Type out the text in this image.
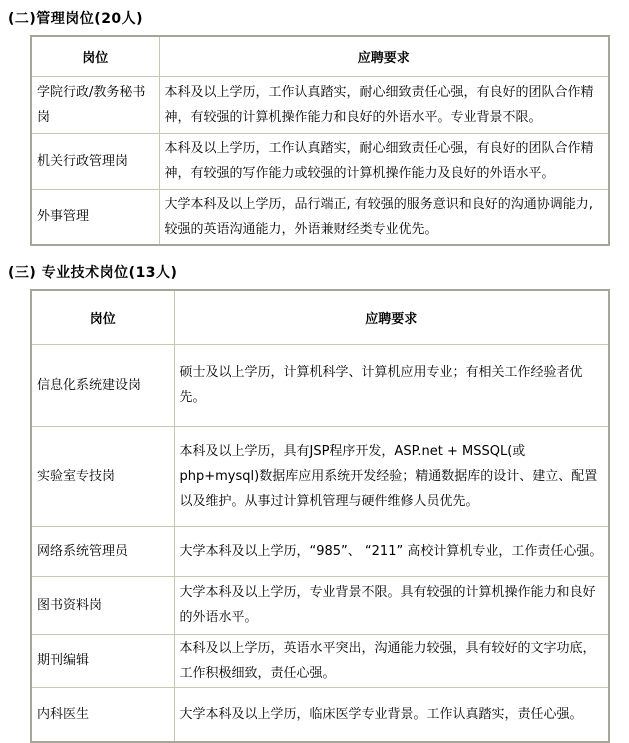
(二)管理岗位(20人)
岗位	应聘要求
学院行政/教务秘书岗	本科及以上学历，工作认真踏实，耐心细致责任心强，有良好的团队合作精神，有较强的计算机操作能力和良好的外语水平。专业背景不限。
机关行政管理岗	本科及以上学历，工作认真踏实，耐心细致责任心强，有良好的团队合作精神，有较强的写作能力或较强的计算机操作能力及良好的外语水平。
外事管理	大学本科及以上学历，品行端正, 有较强的服务意识和良好的沟通协调能力, 较强的英语沟通能力，外语兼财经类专业优先。
(三) 专业技术岗位(13人)
岗位	应聘要求
信息化系统建设岗	硕士及以上学历，计算机科学、计算机应用专业；有相关工作经验者优先。
实验室专技岗	本科及以上学历，具有JSP程序开发，ASP.net + MSSQL(或php+mysql)数据库应用系统开发经验；精通数据库的设计、建立、配置以及维护。从事过计算机管理与硬件维修人员优先。
网络系统管理员	大学本科及以上学历，“985”、 “211” 高校计算机专业，工作责任心强。
图书资料岗	大学本科及以上学历，专业背景不限。具有较强的计算机操作能力和良好的外语水平。
期刊编辑	本科及以上学历，英语水平突出，沟通能力较强，具有较好的文字功底，工作积极细致，责任心强。
内科医生	大学本科及以上学历，临床医学专业背景。工作认真踏实，责任心强。
